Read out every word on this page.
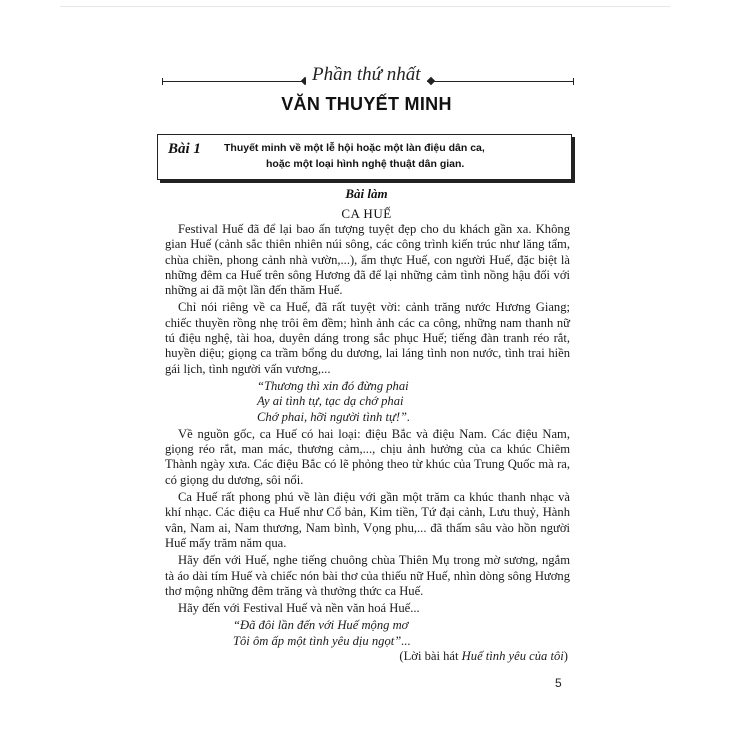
Phần thứ nhất
VĂN THUYẾT MINH
Bài 1 Thuyết minh về một lễ hội hoặc một làn điệu dân ca,
hoặc một loại hình nghệ thuật dân gian.
Bài làm
CA HUẾ

Festival Huế đã để lại bao ấn tượng tuyệt đẹp cho du khách gần xa. Không gian Huế (cảnh sắc thiên nhiên núi sông, các công trình kiến trúc như lăng tẩm, chùa chiền, phong cảnh nhà vườn,...), ẩm thực Huế, con người Huế, đặc biệt là những đêm ca Huế trên sông Hương đã để lại những cảm tình nồng hậu đối với những ai đã một lần đến thăm Huế.

Chỉ nói riêng về ca Huế, đã rất tuyệt vời: cảnh trăng nước Hương Giang; chiếc thuyền rồng nhẹ trôi êm đềm; hình ảnh các ca công, những nam thanh nữ tú điệu nghệ, tài hoa, duyên dáng trong sắc phục Huế; tiếng đàn tranh réo rắt, huyền diệu; giọng ca trầm bổng du dương, lai láng tình non nước, tình trai hiền gái lịch, tình người vấn vương,...

“Thương thì xin đó đừng phai
Ay ai tình tự, tạc dạ chớ phai
Chớ phai, hỡi người tình tự!”.

Về nguồn gốc, ca Huế có hai loại: điệu Bắc và điệu Nam. Các điệu Nam, giọng réo rắt, man mác, thương cảm,..., chịu ảnh hưởng của ca khúc Chiêm Thành ngày xưa. Các điệu Bắc có lẽ phỏng theo từ khúc của Trung Quốc mà ra, có giọng du dương, sôi nổi.

Ca Huế rất phong phú về làn điệu với gần một trăm ca khúc thanh nhạc và khí nhạc. Các điệu ca Huế như Cổ bản, Kim tiền, Tứ đại cảnh, Lưu thuỷ, Hành vân, Nam ai, Nam thương, Nam bình, Vọng phu,... đã thấm sâu vào hồn người Huế mấy trăm năm qua.

Hãy đến với Huế, nghe tiếng chuông chùa Thiên Mụ trong mờ sương, ngắm tà áo dài tím Huế và chiếc nón bài thơ của thiếu nữ Huế, nhìn dòng sông Hương thơ mộng những đêm trăng và thưởng thức ca Huế.

Hãy đến với Festival Huế và nền văn hoá Huế...

“Đã đôi lần đến với Huế mộng mơ
Tôi ôm ấp một tình yêu dịu ngọt”...
(Lời bài hát Huế tình yêu của tôi)
5
